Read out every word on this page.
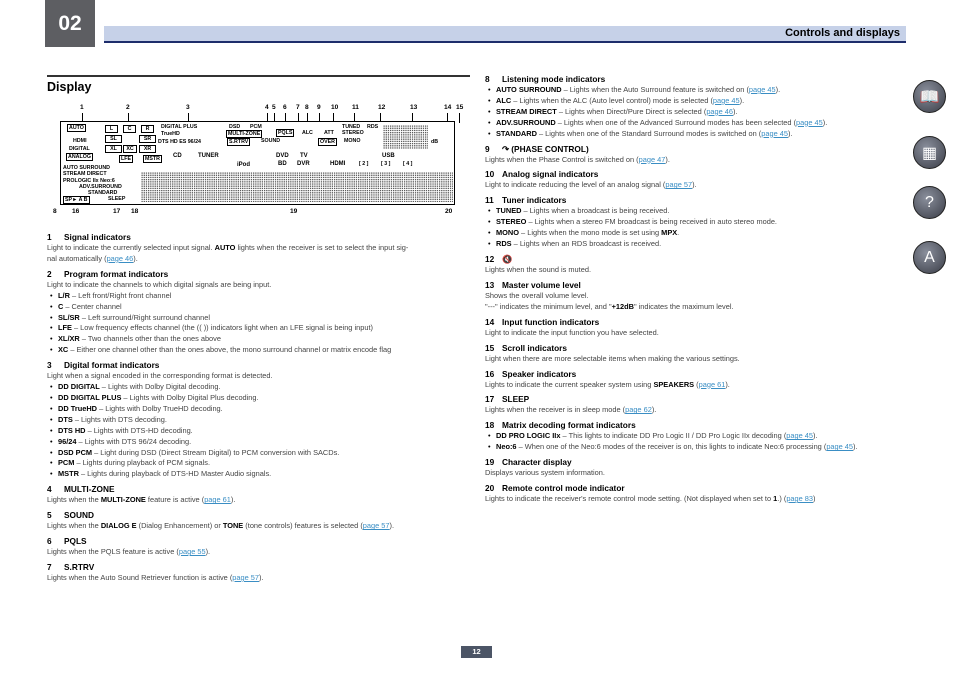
02	Controls and displays
Display
📖
▦
?
A
1	2	3	4 5 6 7 8 9 10 11	12	13	14 15
8 16	17 18	19	20
AUTO
HDMI
DIGITAL
ANALOG
L	C	R
SL	SR
XL	XC	XR
LFE	MSTR
DIGITAL PLUS
TrueHD
DTS HD ES 96/24
DSD PCM
MULTI-ZONE
S.RTRV
PQLS
SOUND
ALC ATT
TUNED RDS
STEREO
OVER	MONO	dB
CD	TUNER	DVD
BD
TV
DVR
iPod	HDMI
USB
[ 2 ] [ 3 ] [ 4 ]
AUTO SURROUND
STREAM DIRECT
PROLOGIC IIx Neo:6
ADV.SURROUND
STANDARD
SP► A B	SLEEP
1 Signal indicators

Light to indicate the currently selected input signal. AUTO lights when the receiver is set to select the input sig-
nal automatically (page 46).

2 Program format indicators

Light to indicate the channels to which digital signals are being input.

• L/R – Left front/Right front channel
• C – Center channel
• SL/SR – Left surround/Right surround channel
• LFE – Low frequency effects channel (the (( )) indicators light when an LFE signal is being input)
• XL/XR – Two channels other than the ones above
• XC – Either one channel other than the ones above, the mono surround channel or matrix encode flag
3 Digital format indicators

Light when a signal encoded in the corresponding format is detected.

• DD DIGITAL – Lights with Dolby Digital decoding.
• DD DIGITAL PLUS – Lights with Dolby Digital Plus decoding.
• DD TrueHD – Lights with Dolby TrueHD decoding.
• DTS – Lights with DTS decoding.
• DTS HD – Lights with DTS-HD decoding.
• 96/24 – Lights with DTS 96/24 decoding.
• DSD PCM – Light during DSD (Direct Stream Digital) to PCM conversion with SACDs.
• PCM – Lights during playback of PCM signals.
• MSTR – Lights during playback of DTS-HD Master Audio signals.
4 MULTI-ZONE

Lights when the MULTI-ZONE feature is active (page 61).

5 SOUND

Lights when the DIALOG E (Dialog Enhancement) or TONE (tone controls) features is selected (page 57).

6 PQLS

Lights when the PQLS feature is active (page 55).

7 S.RTRV

Lights when the Auto Sound Retriever function is active (page 57).

8 Listening mode indicators
• AUTO SURROUND – Lights when the Auto Surround feature is switched on (page 45).
• ALC – Lights when the ALC (Auto level control) mode is selected (page 45).
• STREAM DIRECT – Lights when Direct/Pure Direct is selected (page 46).
• ADV.SURROUND – Lights when one of the Advanced Surround modes has been selected (page 45).
• STANDARD – Lights when one of the Standard Surround modes is switched on (page 45).
9 ↷ (PHASE CONTROL)

Lights when the Phase Control is switched on (page 47).

10 Analog signal indicators

Light to indicate reducing the level of an analog signal (page 57).

11 Tuner indicators
• TUNED – Lights when a broadcast is being received.
• STEREO – Lights when a stereo FM broadcast is being received in auto stereo mode.
• MONO – Lights when the mono mode is set using MPX.
• RDS – Lights when an RDS broadcast is received.
12 🔇

Lights when the sound is muted.

13 Master volume level

Shows the overall volume level.

"---" indicates the minimum level, and "+12dB" indicates the maximum level.

14 Input function indicators

Light to indicate the input function you have selected.

15 Scroll indicators

Light when there are more selectable items when making the various settings.

16 Speaker indicators

Lights to indicate the current speaker system using SPEAKERS (page 61).

17 SLEEP

Lights when the receiver is in sleep mode (page 62).

18 Matrix decoding format indicators
• DD PRO LOGIC IIx – This lights to indicate DD Pro Logic II / DD Pro Logic IIx decoding (page 45).
• Neo:6 – When one of the Neo:6 modes of the receiver is on, this lights to indicate Neo:6 processing (page 45).
19 Character display

Displays various system information.

20 Remote control mode indicator

Lights to indicate the receiver's remote control mode setting. (Not displayed when set to 1.) (page 83)

12
